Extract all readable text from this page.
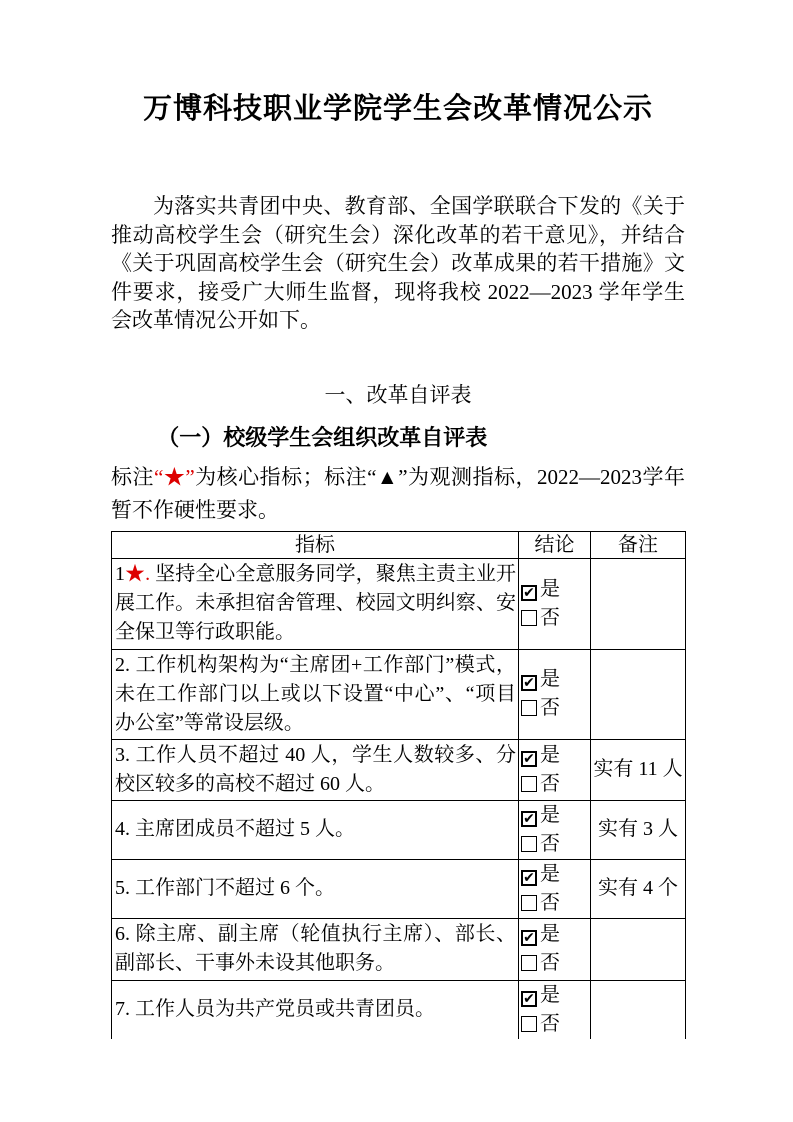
万博科技职业学院学生会改革情况公示

为落实共青团中央、教育部、全国学联联合下发的《关于推动高校学生会（研究生会）深化改革的若干意见》，并结合《关于巩固高校学生会（研究生会）改革成果的若干措施》文件要求，接受广大师生监督，现将我校 2022—2023 学年学生会改革情况公开如下。

一、改革自评表
（一）校级学生会组织改革自评表

标注“★”为核心指标；标注“▲”为观测指标，2022—2023学年暂不作硬性要求。

指标	结论	备注
1★. 坚持全心全意服务同学，聚焦主责主业开展工作。未承担宿舍管理、校园文明纠察、安全保卫等行政职能。	✔ 是
否	

2. 工作机构架构为“主席团+工作部门”模式，未在工作部门以上或以下设置“中心”、“项目办公室”等常设层级。	✔ 是
否	

3. 工作人员不超过 40 人，学生人数较多、分校区较多的高校不超过 60 人。	✔ 是
否	实有 11 人
4. 主席团成员不超过 5 人。	✔ 是
否	实有 3 人
5. 工作部门不超过 6 个。	✔ 是
否	实有 4 个
6. 除主席、副主席（轮值执行主席）、部长、副部长、干事外未设其他职务。	✔ 是
否	

7. 工作人员为共产党员或共青团员。	✔ 是
否	
